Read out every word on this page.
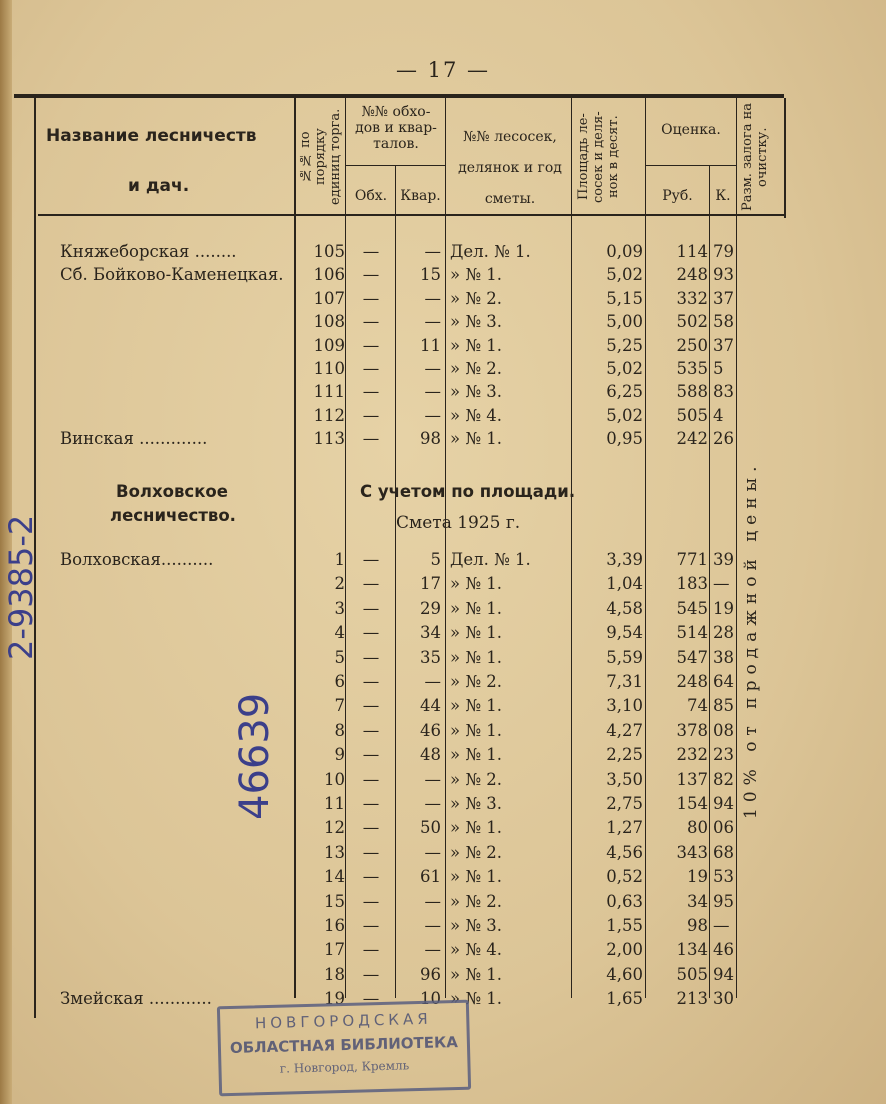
— 17 —
Название лесничеств
и дач.
№№ по порядку единиц торга.	№№ обхо-дов и квар-талов.
Обх. Квар.
№№ лесосек, делянок и год сметы.	Площадь ле-сосек и деля-нок в десят.	Оценка.
Руб.	К. Разм. залога на очистку.
Княжеборская ........	105	—	— Дел. № 1.	0,09	114 79
Сб. Бойково-Каменецкая.	106	—	15 » № 1.	5,02	248 93
107	—	— » № 2.	5,15	332 37
108	—	— » № 3.	5,00	502 58
109	—	11 » № 1.	5,25	250 37
110	—	— » № 2.	5,02	535 5
111	—	— » № 3.	6,25	588 83
112	—	— » № 4.	5,02	505 4
Винская .............	113	—	98 » № 1.	0,95	242 26
Волховское
лесничество.
С учетом по площади.
Смета 1925 г.
Волховская..........	1	—	5 Дел. № 1.	3,39	771 39
2	—	17 » № 1.	1,04	183 —
3	—	29 » № 1.	4,58	545 19
4	—	34 » № 1.	9,54	514 28
5	—	35 » № 1.	5,59	547 38
6	—	— » № 2.	7,31	248 64
7	—	44 » № 1.	3,10	74 85
8	—	46 » № 1.	4,27	378 08
9	—	48 » № 1.	2,25	232 23
10	—	— » № 2.	3,50	137 82
11	—	— » № 3.	2,75	154 94
12	—	50 » № 1.	1,27	80 06
13	—	— » № 2.	4,56	343 68
14	—	61 » № 1.	0,52	19 53
15	—	— » № 2.	0,63	34 95
16	—	— » № 3.	1,55	98 —
17	—	— » № 4.	2,00	134 46
18	—	96 » № 1.	4,60	505 94
Змейская ............	19	—	10 » № 1.	1,65	213 30
10% от продажной цены.
НОВГОРОДСКАЯ
ОБЛАСТНАЯ БИБЛИОТЕКА
г. Новгород, Кремль
2-9385-2
46639
